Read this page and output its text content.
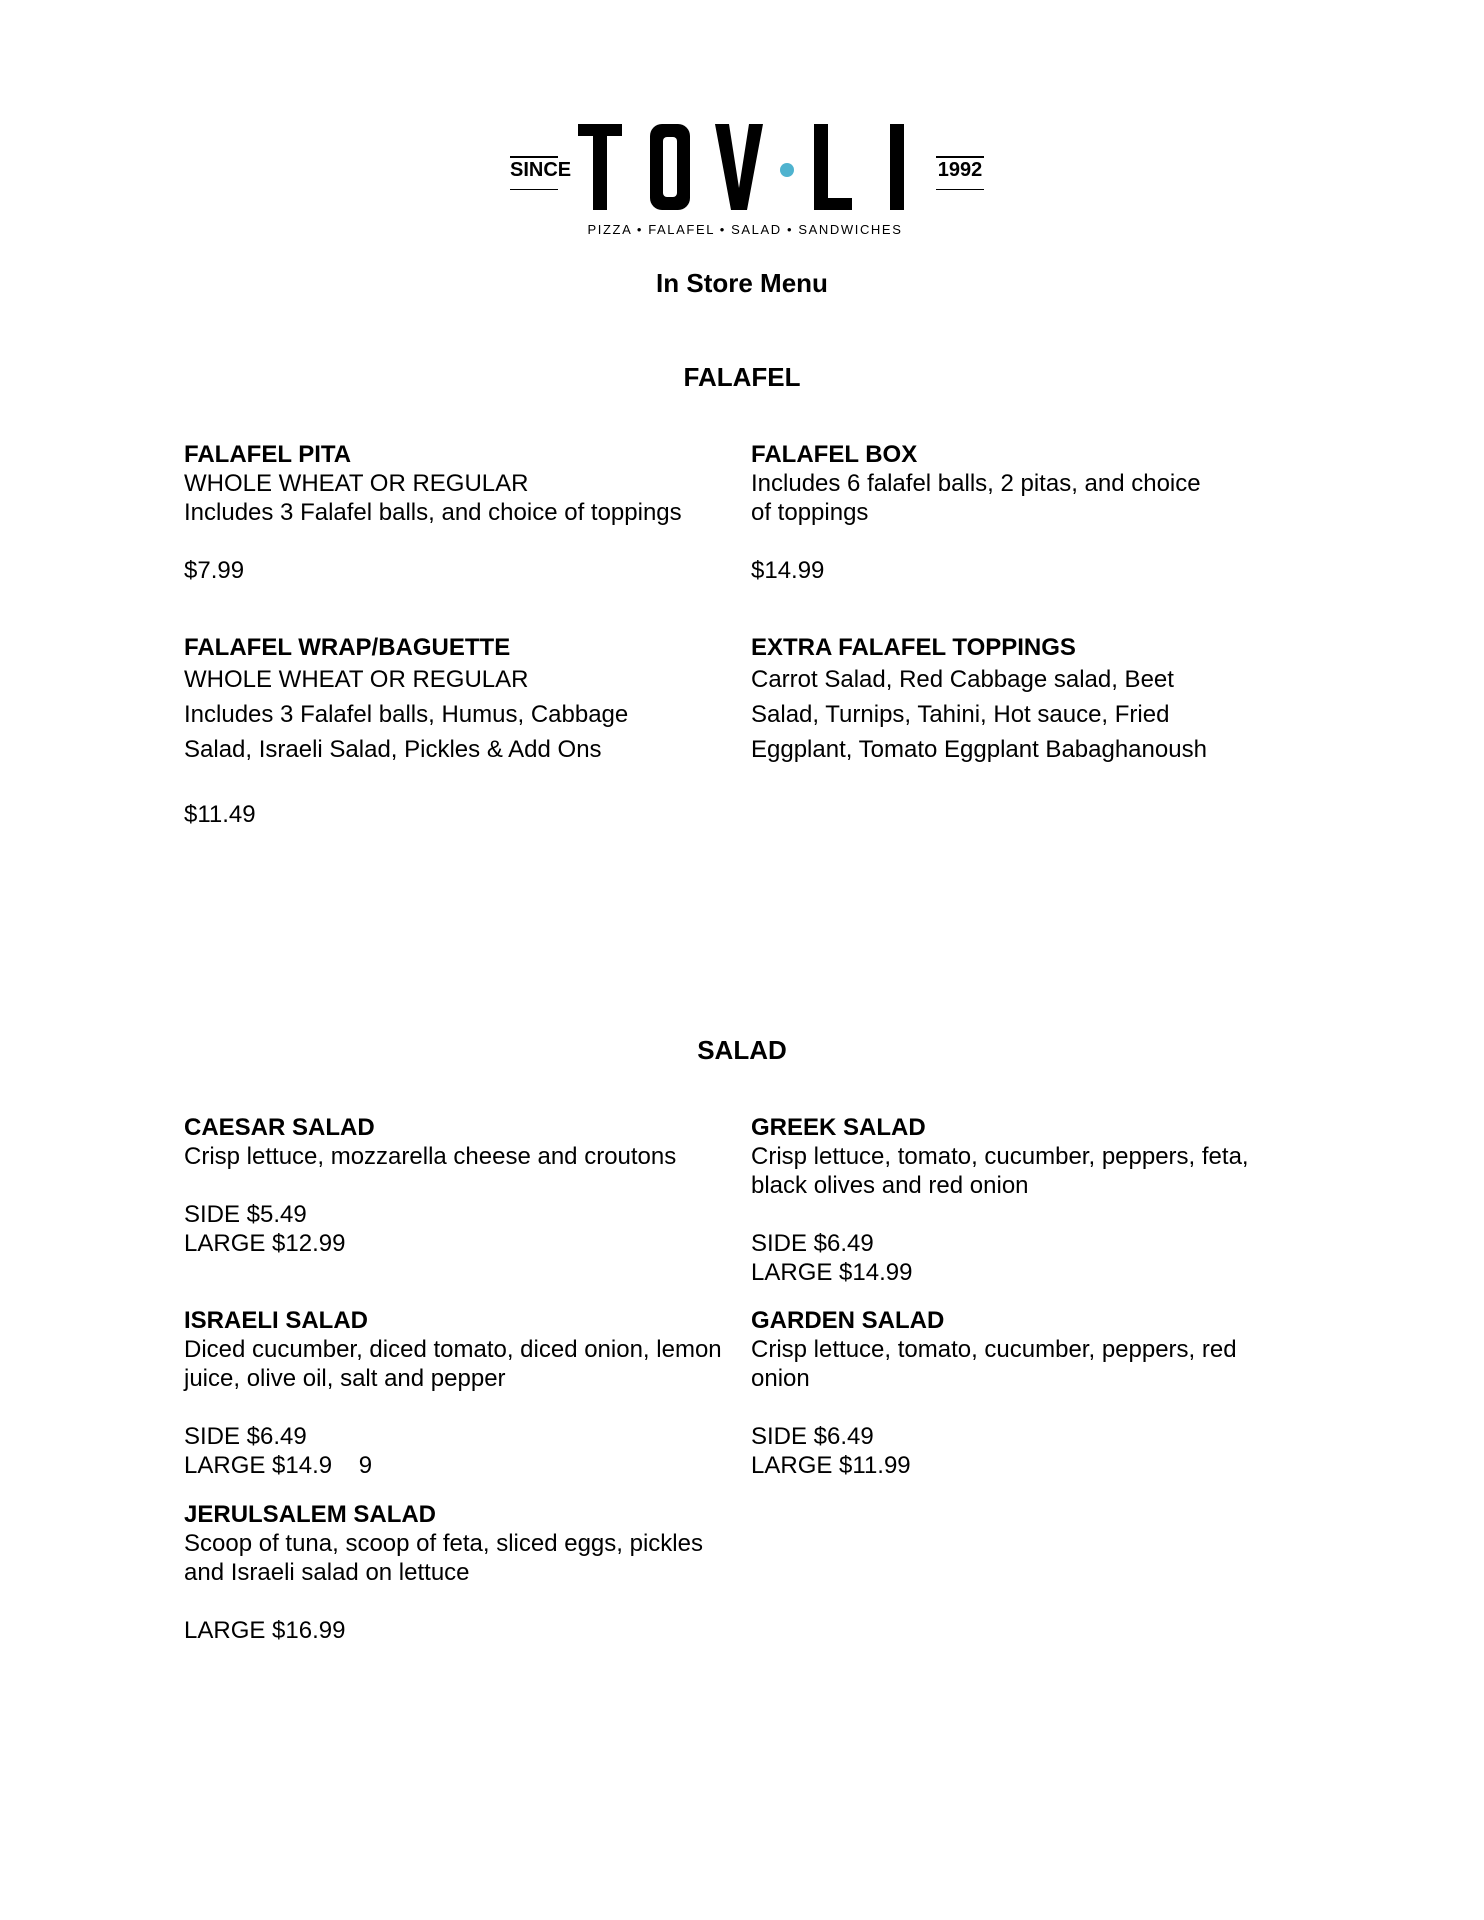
SINCE	1992
PIZZA • FALAFEL • SALAD • SANDWICHES
In Store Menu
FALAFEL
FALAFEL PITA
WHOLE WHEAT OR REGULAR
Includes 3 Falafel balls, and choice of toppings
$7.99
FALAFEL BOX
Includes 6 falafel balls, 2 pitas, and choice
of toppings
$14.99
FALAFEL WRAP/BAGUETTE
WHOLE WHEAT OR REGULAR
Includes 3 Falafel balls, Humus, Cabbage
Salad, Israeli Salad, Pickles & Add Ons
$11.49
EXTRA FALAFEL TOPPINGS
Carrot Salad, Red Cabbage salad, Beet
Salad, Turnips, Tahini, Hot sauce, Fried
Eggplant, Tomato Eggplant Babaghanoush
SALAD
CAESAR SALAD
Crisp lettuce, mozzarella cheese and croutons
SIDE $5.49
LARGE $12.99
GREEK SALAD
Crisp lettuce, tomato, cucumber, peppers, feta,
black olives and red onion
SIDE $6.49
LARGE $14.99
ISRAELI SALAD
Diced cucumber, diced tomato, diced onion, lemon
juice, olive oil, salt and pepper
SIDE $6.49
LARGE $14.9    9
GARDEN SALAD
Crisp lettuce, tomato, cucumber, peppers, red
onion
SIDE $6.49
LARGE $11.99
JERULSALEM SALAD
Scoop of tuna, scoop of feta, sliced eggs, pickles
and Israeli salad on lettuce
LARGE $16.99
